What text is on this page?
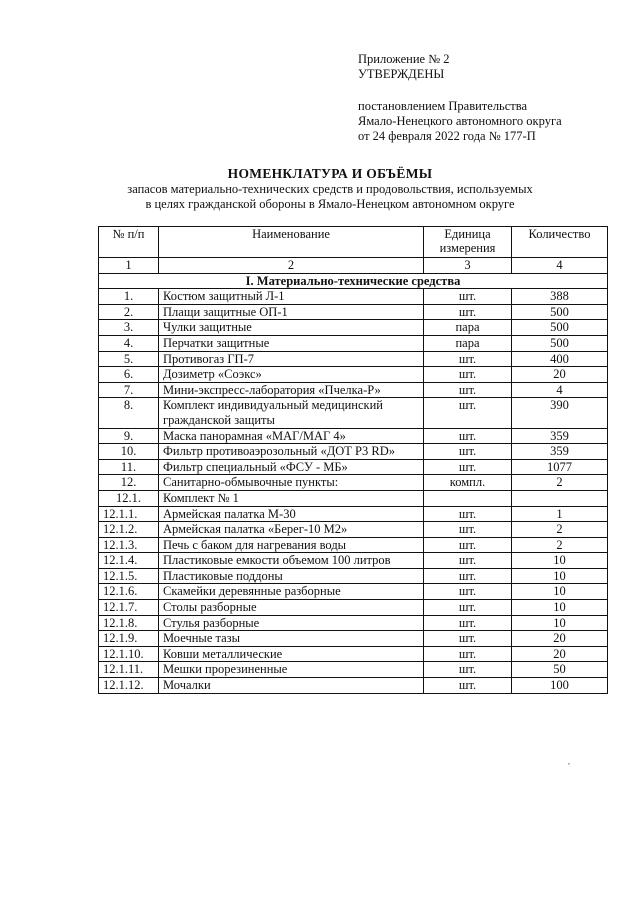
Приложение № 2
УТВЕРЖДЕНЫ
постановлением Правительства
Ямало-Ненецкого автономного округа
от 24 февраля 2022 года № 177-П
НОМЕНКЛАТУРА И ОБЪЁМЫ
запасов материально-технических средств и продовольствия, используемых
в целях гражданской обороны в Ямало-Ненецком автономном округе
№ п/п	Наименование	Единица измерения	Количество
1	2	3	4
I. Материально-технические средства			
1.	Костюм защитный Л-1	шт.	388
2.	Плащи защитные ОП-1	шт.	500
3.	Чулки защитные	пара	500
4.	Перчатки защитные	пара	500
5.	Противогаз ГП-7	шт.	400
6.	Дозиметр «Соэкс»	шт.	20
7.	Мини-экспресс-лаборатория «Пчелка-Р»	шт.	4
8.	Комплект индивидуальный медицинский гражданской защиты	шт.	390
9.	Маска панорамная «МАГ/МАГ 4»	шт.	359
10.	Фильтр противоаэрозольный «ДОТ Р3 RD»	шт.	359
11.	Фильтр специальный «ФСУ - МБ»	шт.	1077
12.	Санитарно-обмывочные пункты:	компл.	2
12.1.	Комплект № 1		
12.1.1.	Армейская палатка М-30	шт.	1
12.1.2.	Армейская палатка «Берег-10 М2»	шт.	2
12.1.3.	Печь с баком для нагревания воды	шт.	2
12.1.4.	Пластиковые емкости объемом 100 литров	шт.	10
12.1.5.	Пластиковые поддоны	шт.	10
12.1.6.	Скамейки деревянные разборные	шт.	10
12.1.7.	Столы разборные	шт.	10
12.1.8.	Стулья разборные	шт.	10
12.1.9.	Моечные тазы	шт.	20
12.1.10.	Ковши металлические	шт.	20
12.1.11.	Мешки прорезиненные	шт.	50
12.1.12.	Мочалки	шт.	100
,
